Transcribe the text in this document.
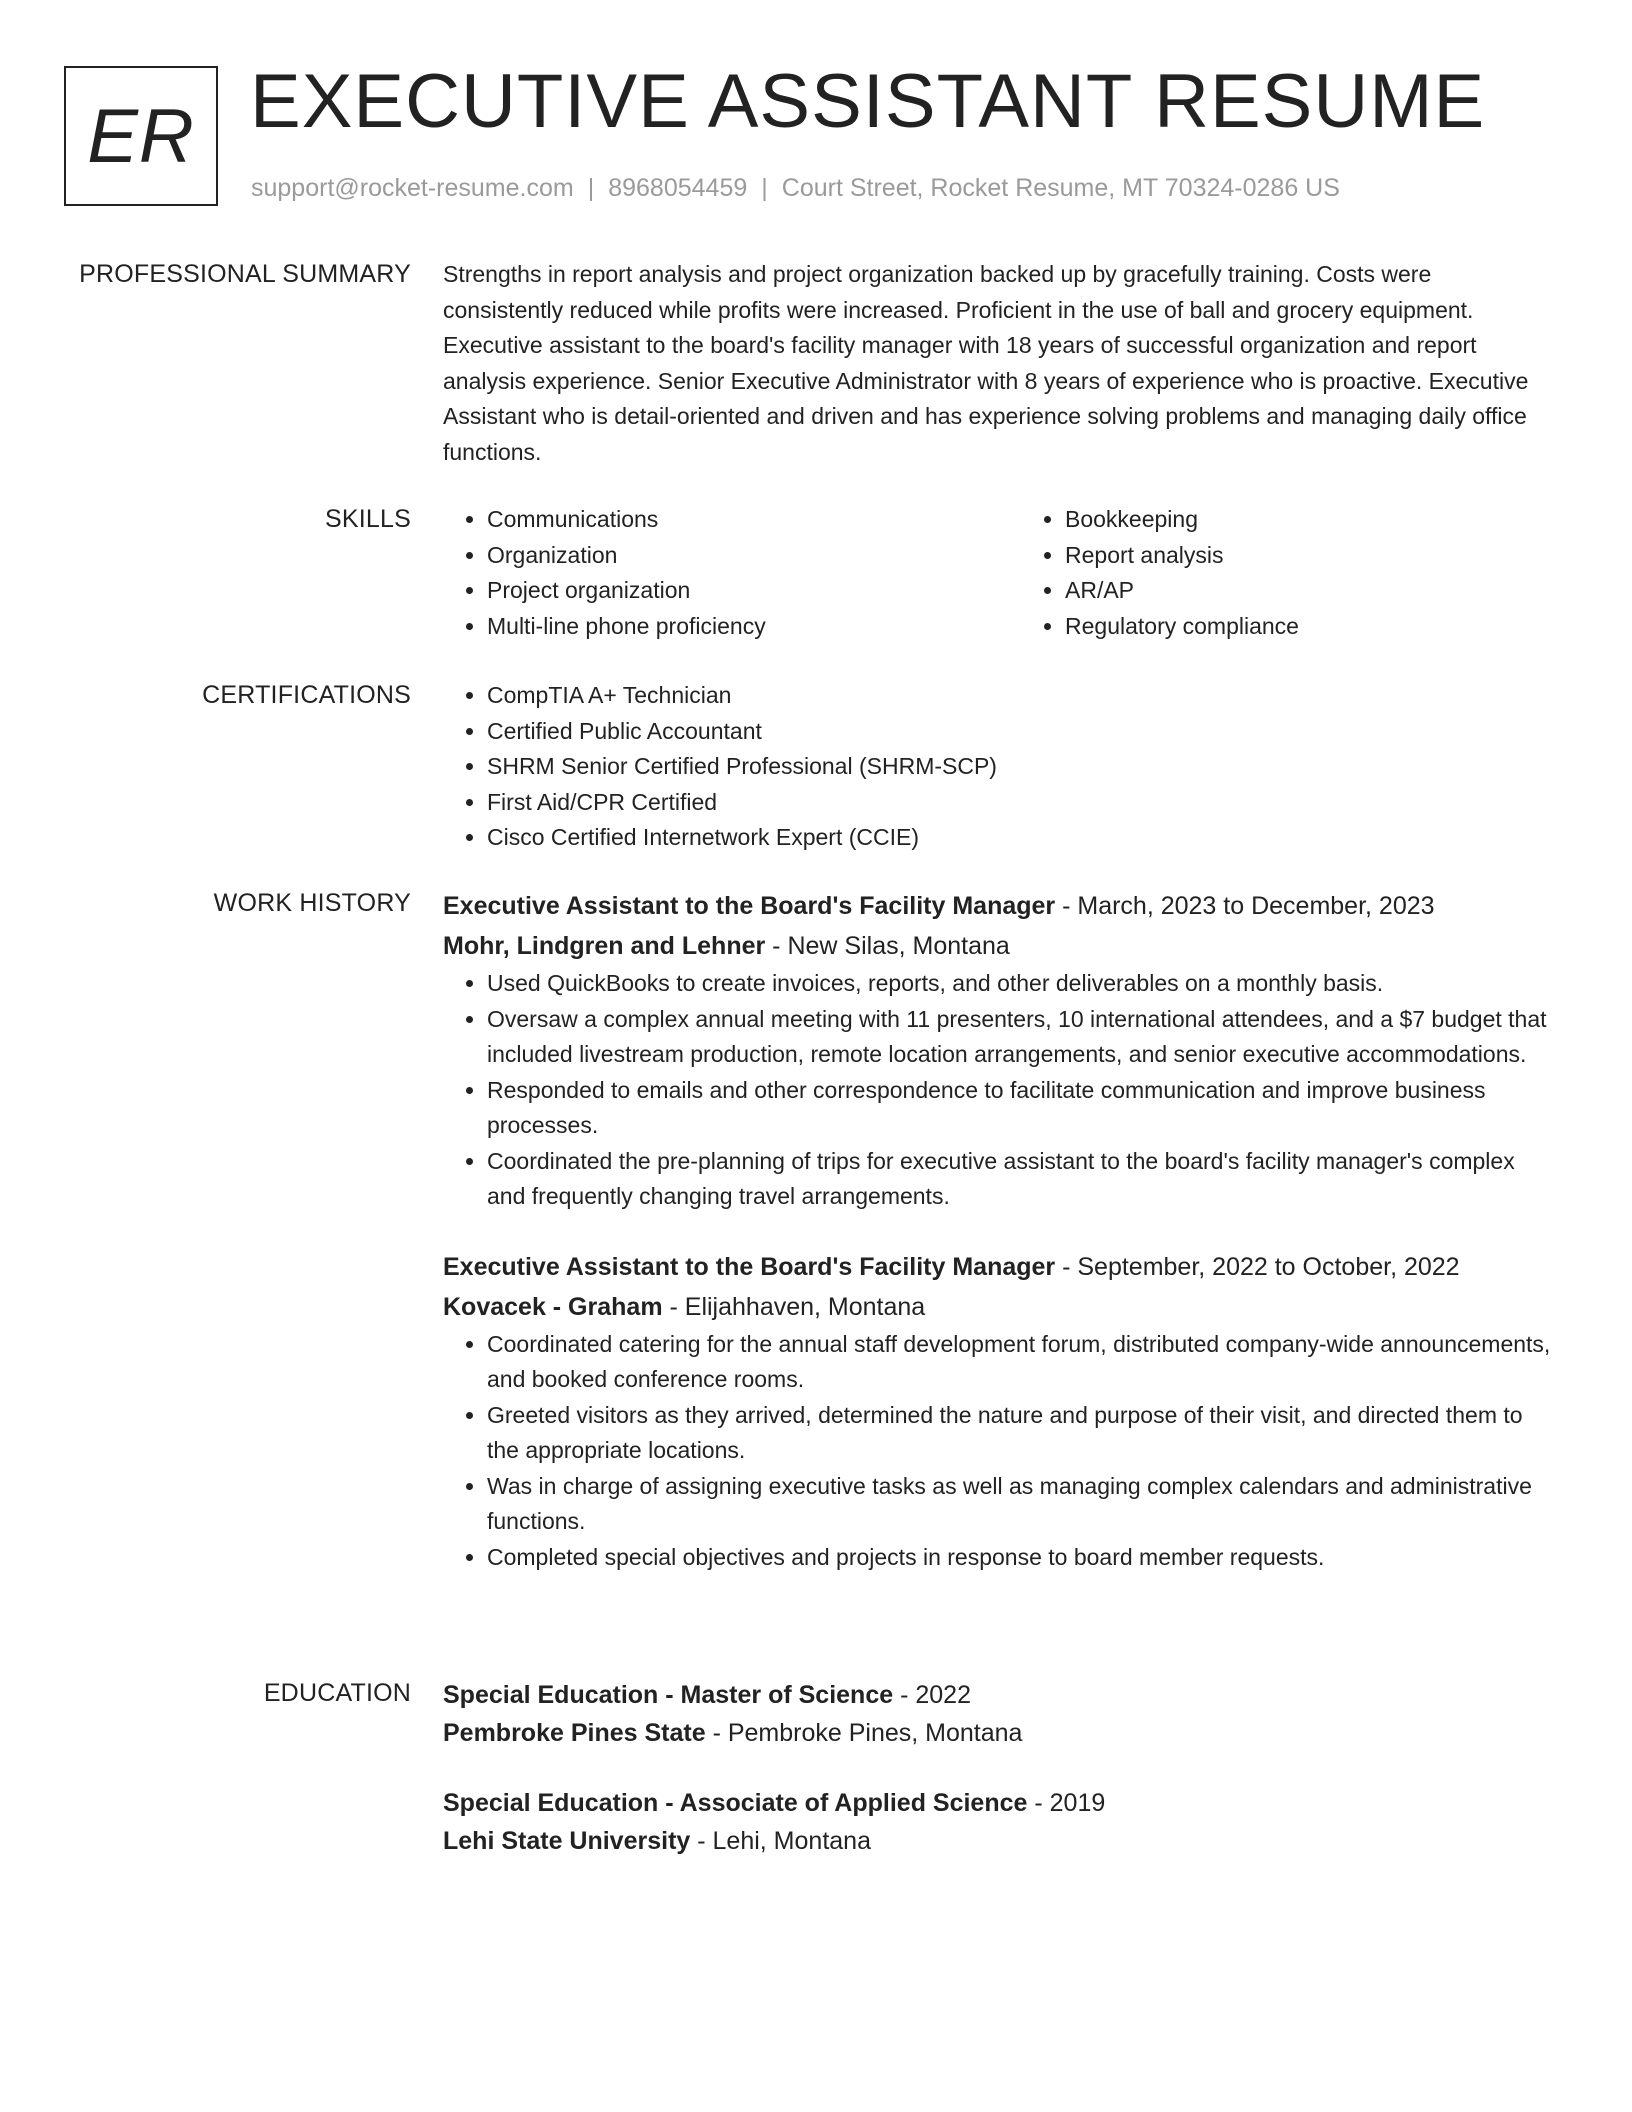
ER EXECUTIVE ASSISTANT RESUME
support@rocket-resume.com | 8968054459 | Court Street, Rocket Resume, MT 70324-0286 US
PROFESSIONAL SUMMARY Strengths in report analysis and project organization backed up by gracefully training. Costs were consistently reduced while profits were increased. Proficient in the use of ball and grocery equipment. Executive assistant to the board's facility manager with 18 years of successful organization and report analysis experience. Senior Executive Administrator with 8 years of experience who is proactive. Executive Assistant who is detail-oriented and driven and has experience solving problems and managing daily office functions.

SKILLS	• Communications
• Organization
• Project organization
• Multi-line phone proficiency
• Bookkeeping
• Report analysis
• AR/AP
• Regulatory compliance
CERTIFICATIONS	• CompTIA A+ Technician
• Certified Public Accountant
• SHRM Senior Certified Professional (SHRM-SCP)
• First Aid/CPR Certified
• Cisco Certified Internetwork Expert (CCIE)
WORK HISTORY Executive Assistant to the Board's Facility Manager - March, 2023 to December, 2023
Mohr, Lindgren and Lehner - New Silas, Montana
• Used QuickBooks to create invoices, reports, and other deliverables on a monthly basis.
• Oversaw a complex annual meeting with 11 presenters, 10 international attendees, and a $7 budget that included livestream production, remote location arrangements, and senior executive accommodations.
• Responded to emails and other correspondence to facilitate communication and improve business processes.
• Coordinated the pre-planning of trips for executive assistant to the board's facility manager's complex and frequently changing travel arrangements.
Executive Assistant to the Board's Facility Manager - September, 2022 to October, 2022
Kovacek - Graham - Elijahhaven, Montana
• Coordinated catering for the annual staff development forum, distributed company-wide announcements, and booked conference rooms.
• Greeted visitors as they arrived, determined the nature and purpose of their visit, and directed them to the appropriate locations.
• Was in charge of assigning executive tasks as well as managing complex calendars and administrative functions.
• Completed special objectives and projects in response to board member requests.
EDUCATION Special Education - Master of Science - 2022
Pembroke Pines State - Pembroke Pines, Montana
Special Education - Associate of Applied Science - 2019
Lehi State University - Lehi, Montana
